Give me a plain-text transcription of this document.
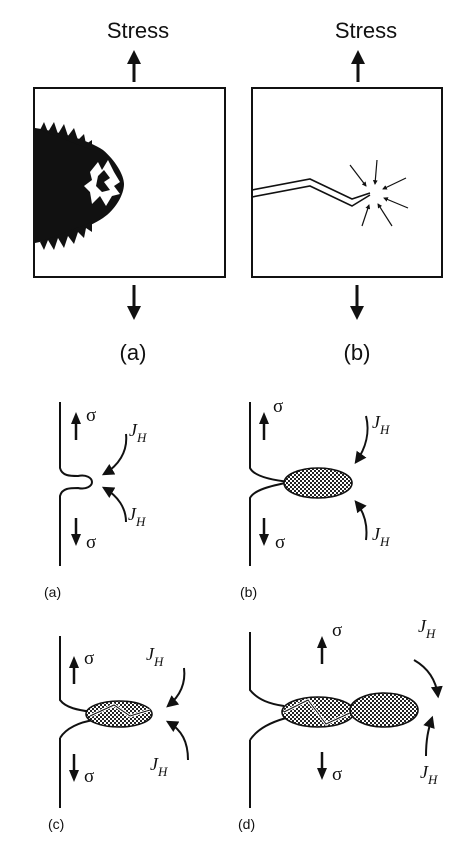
Stress
(a)
Stress
(b)
σ
σ
$J_H$
$J_H$
(a)
σ
σ
$J_H$
$J_H$
(b)
σ
σ
$J_H$
$J_H$
(c)
σ
σ
$J_H$
$J_H$
(d)
